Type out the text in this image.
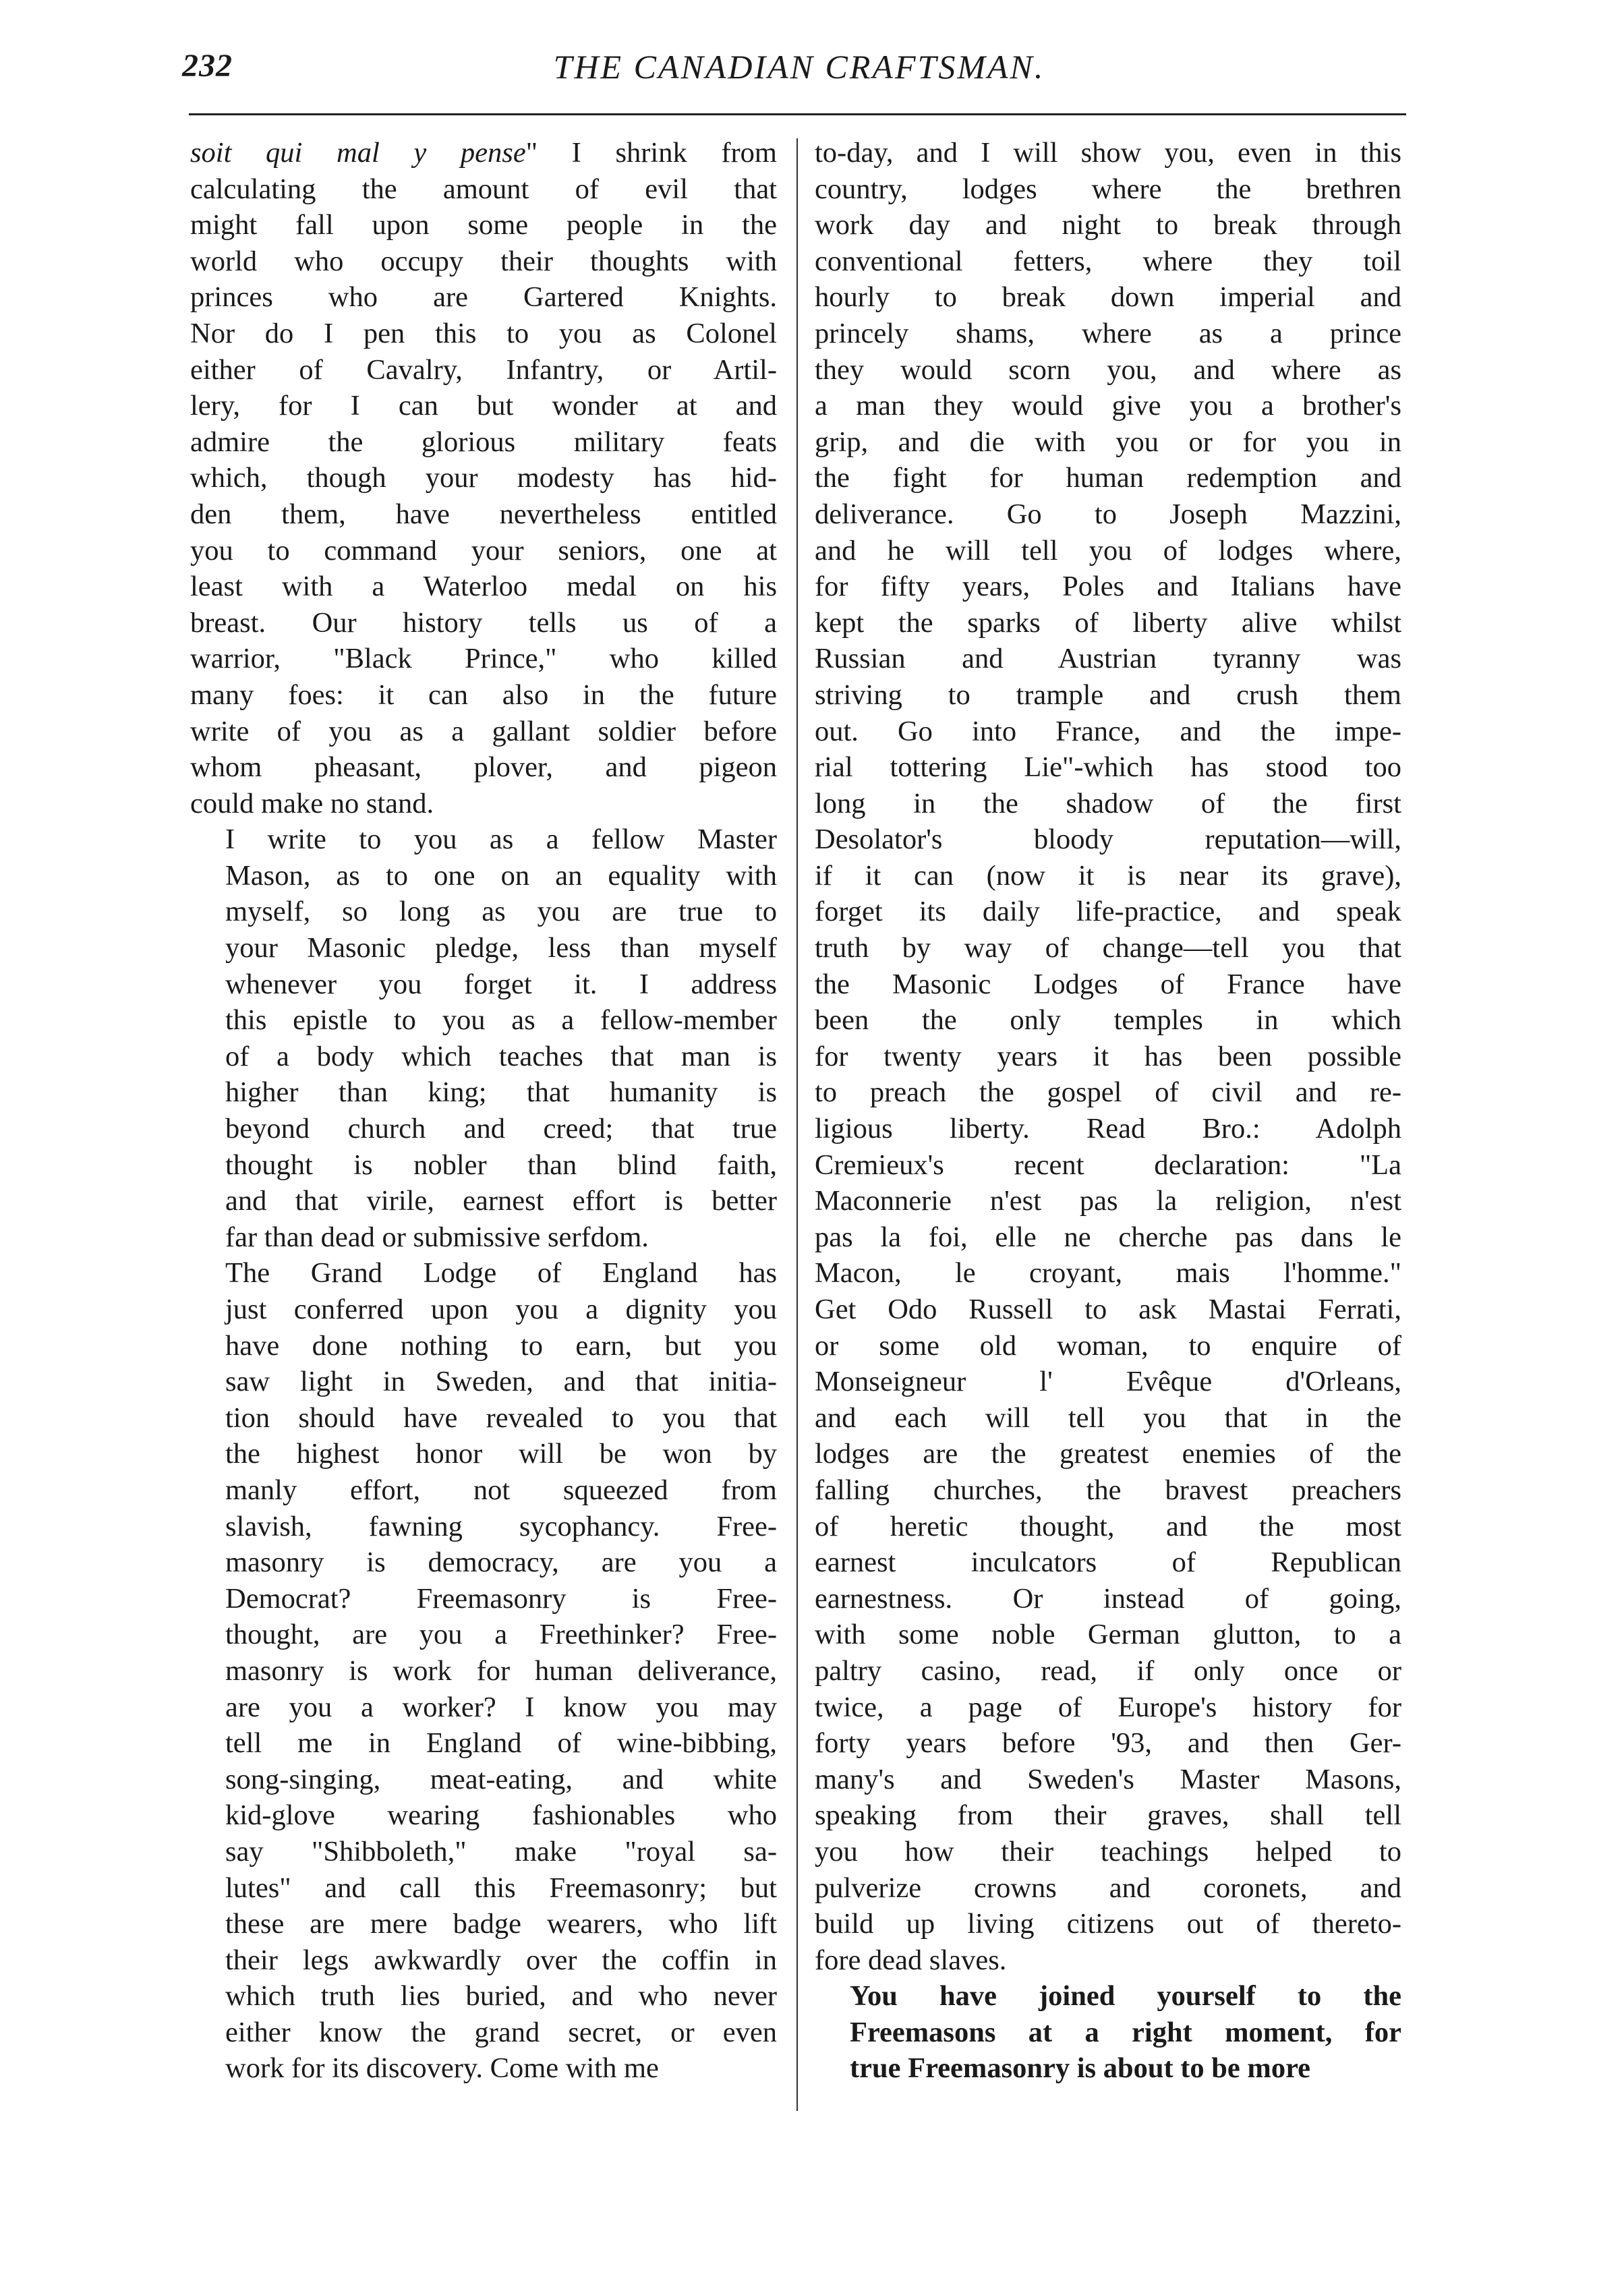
232	THE CANADIAN CRAFTSMAN.
soit qui mal y pense" I shrink from
calculating the amount of evil that
might fall upon some people in the
world who occupy their thoughts with
princes who are Gartered Knights.
Nor do I pen this to you as Colonel
either of Cavalry, Infantry, or Artil-
lery, for I can but wonder at and
admire the glorious military feats
which, though your modesty has hid-
den them, have nevertheless entitled
you to command your seniors, one at
least with a Waterloo medal on his
breast. Our history tells us of a
warrior, "Black Prince," who killed
many foes: it can also in the future
write of you as a gallant soldier before
whom pheasant, plover, and pigeon
could make no stand.
I write to you as a fellow Master
Mason, as to one on an equality with
myself, so long as you are true to
your Masonic pledge, less than myself
whenever you forget it. I address
this epistle to you as a fellow-member
of a body which teaches that man is
higher than king; that humanity is
beyond church and creed; that true
thought is nobler than blind faith,
and that virile, earnest effort is better
far than dead or submissive serfdom.
The Grand Lodge of England has
just conferred upon you a dignity you
have done nothing to earn, but you
saw light in Sweden, and that initia-
tion should have revealed to you that
the highest honor will be won by
manly effort, not squeezed from
slavish, fawning sycophancy. Free-
masonry is democracy, are you a
Democrat? Freemasonry is Free-
thought, are you a Freethinker? Free-
masonry is work for human deliverance,
are you a worker? I know you may
tell me in England of wine-bibbing,
song-singing, meat-eating, and white
kid-glove wearing fashionables who
say "Shibboleth," make "royal sa-
lutes" and call this Freemasonry; but
these are mere badge wearers, who lift
their legs awkwardly over the coffin in
which truth lies buried, and who never
either know the grand secret, or even
work for its discovery. Come with me
to-day, and I will show you, even in this
country, lodges where the brethren
work day and night to break through
conventional fetters, where they toil
hourly to break down imperial and
princely shams, where as a prince
they would scorn you, and where as
a man they would give you a brother's
grip, and die with you or for you in
the fight for human redemption and
deliverance. Go to Joseph Mazzini,
and he will tell you of lodges where,
for fifty years, Poles and Italians have
kept the sparks of liberty alive whilst
Russian and Austrian tyranny was
striving to trample and crush them
out. Go into France, and the impe-
rial tottering Lie"-which has stood too
long in the shadow of the first
Desolator's bloody reputation—will,
if it can (now it is near its grave),
forget its daily life-practice, and speak
truth by way of change—tell you that
the Masonic Lodges of France have
been the only temples in which
for twenty years it has been possible
to preach the gospel of civil and re-
ligious liberty. Read Bro.: Adolph
Cremieux's recent declaration: "La
Maconnerie n'est pas la religion, n'est
pas la foi, elle ne cherche pas dans le
Macon, le croyant, mais l'homme."
Get Odo Russell to ask Mastai Ferrati,
or some old woman, to enquire of
Monseigneur l' Evêque d'Orleans,
and each will tell you that in the
lodges are the greatest enemies of the
falling churches, the bravest preachers
of heretic thought, and the most
earnest inculcators of Republican
earnestness. Or instead of going,
with some noble German glutton, to a
paltry casino, read, if only once or
twice, a page of Europe's history for
forty years before '93, and then Ger-
many's and Sweden's Master Masons,
speaking from their graves, shall tell
you how their teachings helped to
pulverize crowns and coronets, and
build up living citizens out of thereto-
fore dead slaves.
You have joined yourself to the
Freemasons at a right moment, for
true Freemasonry is about to be more
